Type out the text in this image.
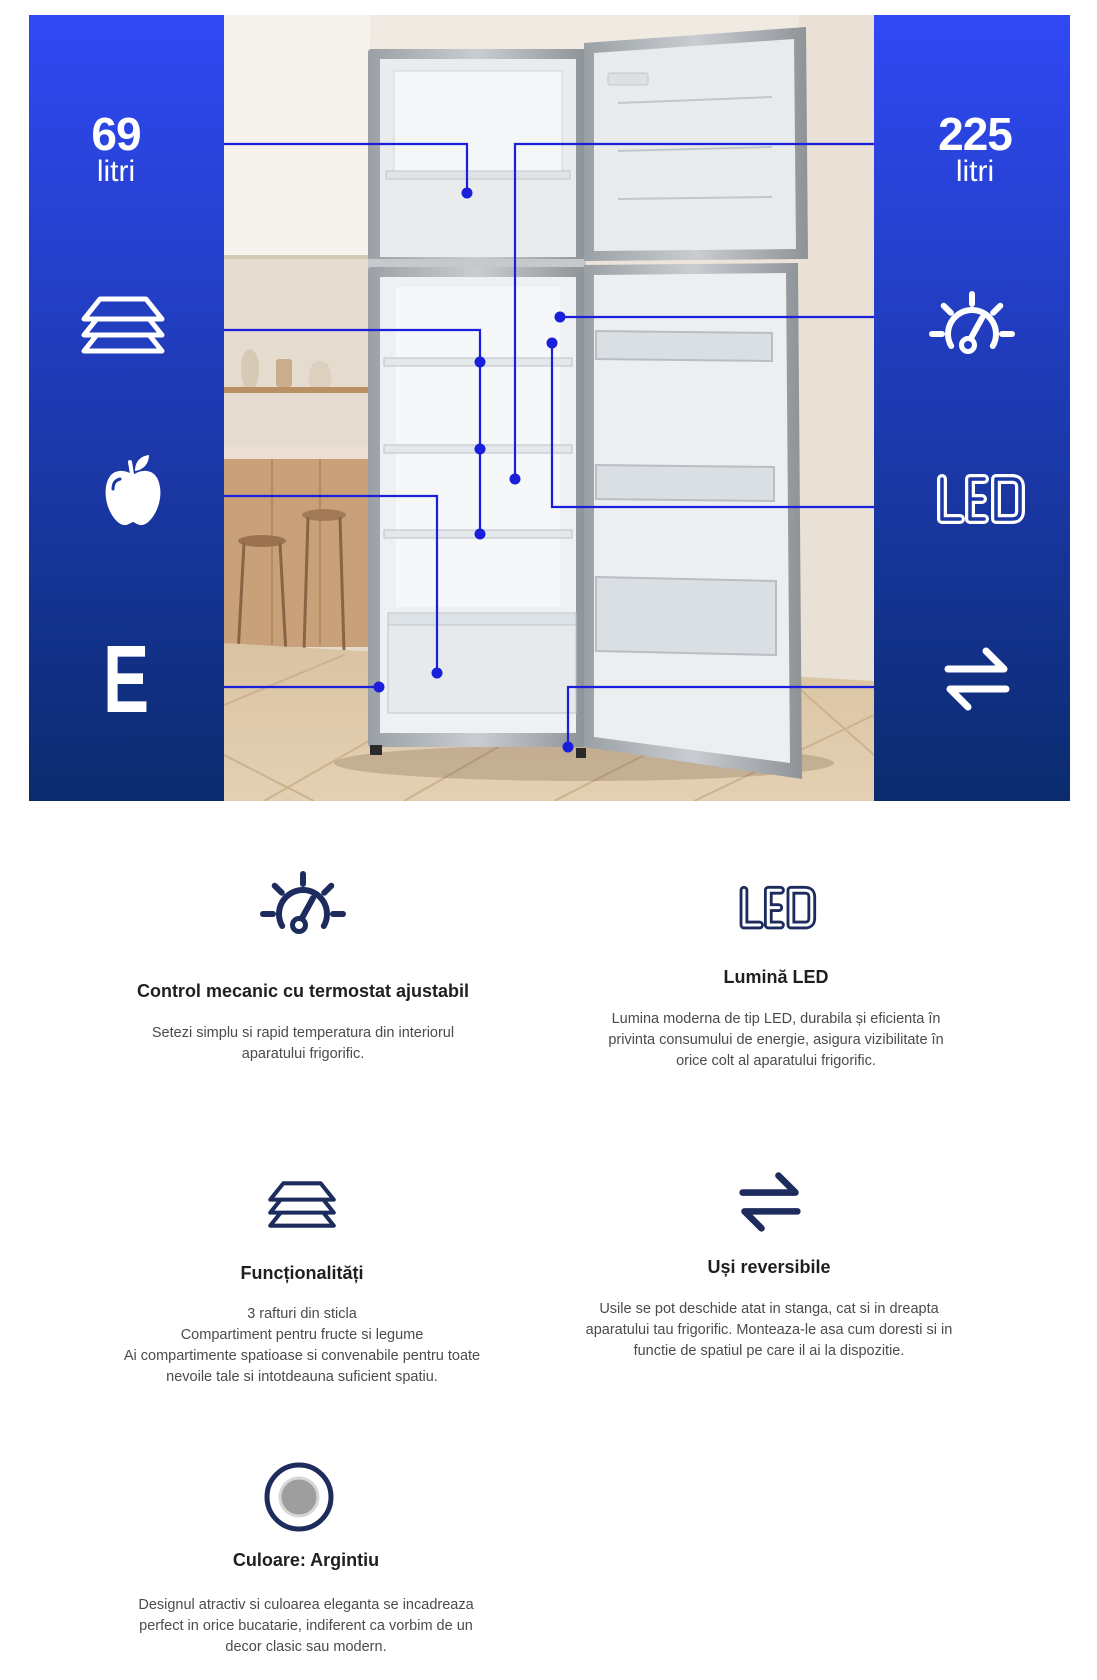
69
litri
E
225
litri
Control mecanic cu termostat ajustabil
Setezi simplu si rapid temperatura din interiorul
aparatului frigorific.
Lumină LED
Lumina moderna de tip LED, durabila și eficienta în
privinta consumului de energie, asigura vizibilitate în
orice colt al aparatului frigorific.
Funcționalități
3 rafturi din sticla
Compartiment pentru fructe si legume
Ai compartimente spatioase si convenabile pentru toate
nevoile tale si intotdeauna suficient spatiu.
Uși reversibile
Usile se pot deschide atat in stanga, cat si in dreapta
aparatului tau frigorific. Monteaza-le asa cum doresti si in
functie de spatiul pe care il ai la dispozitie.
Culoare: Argintiu
Designul atractiv si culoarea eleganta se incadreaza
perfect in orice bucatarie, indiferent ca vorbim de un
decor clasic sau modern.
